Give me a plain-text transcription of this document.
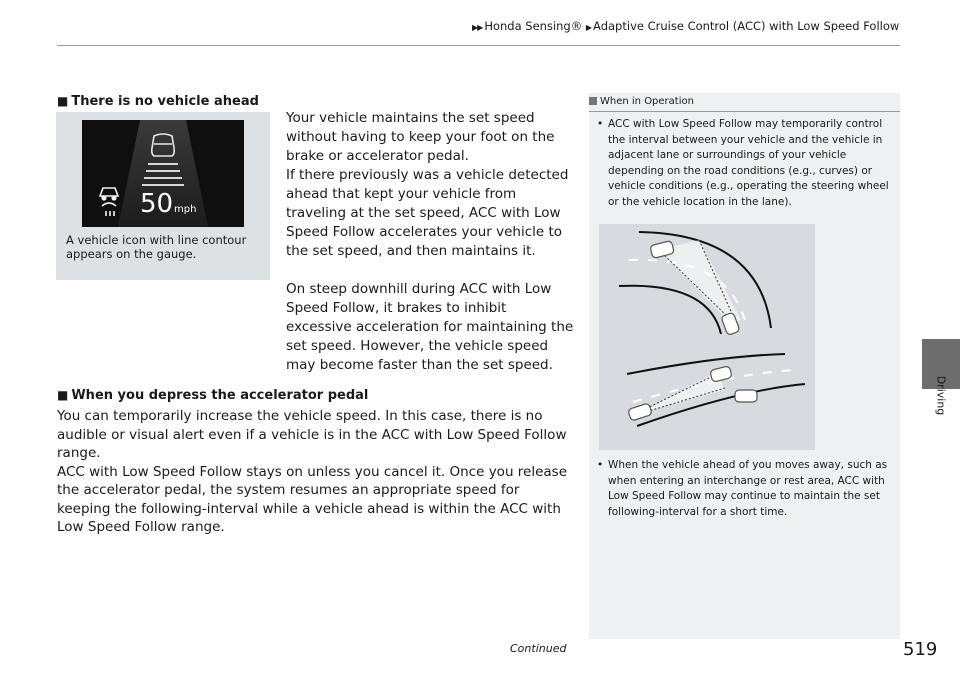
▶▶ Honda Sensing® ▶ Adaptive Cruise Control (ACC) with Low Speed Follow
Driving
■ There is no vehicle ahead
50 mph
A vehicle icon with line contour appears on the gauge.

Your vehicle maintains the set speed without having to keep your foot on the brake or accelerator pedal.

If there previously was a vehicle detected ahead that kept your vehicle from traveling at the set speed, ACC with Low Speed Follow accelerates your vehicle to the set speed, and then maintains it.

On steep downhill during ACC with Low Speed Follow, it brakes to inhibit excessive acceleration for maintaining the set speed. However, the vehicle speed may become faster than the set speed.

■ When you depress the accelerator pedal

You can temporarily increase the vehicle speed. In this case, there is no audible or visual alert even if a vehicle is in the ACC with Low Speed Follow range.

ACC with Low Speed Follow stays on unless you cancel it. Once you release the accelerator pedal, the system resumes an appropriate speed for keeping the following-interval while a vehicle ahead is within the ACC with Low Speed Follow range.

When in Operation
• ACC with Low Speed Follow may temporarily control the interval between your vehicle and the vehicle in adjacent lane or surroundings of your vehicle depending on the road conditions (e.g., curves) or vehicle conditions (e.g., operating the steering wheel or the vehicle location in the lane).
• When the vehicle ahead of you moves away, such as when entering an interchange or rest area, ACC with Low Speed Follow may continue to maintain the set following-interval for a short time.
Continued	519
